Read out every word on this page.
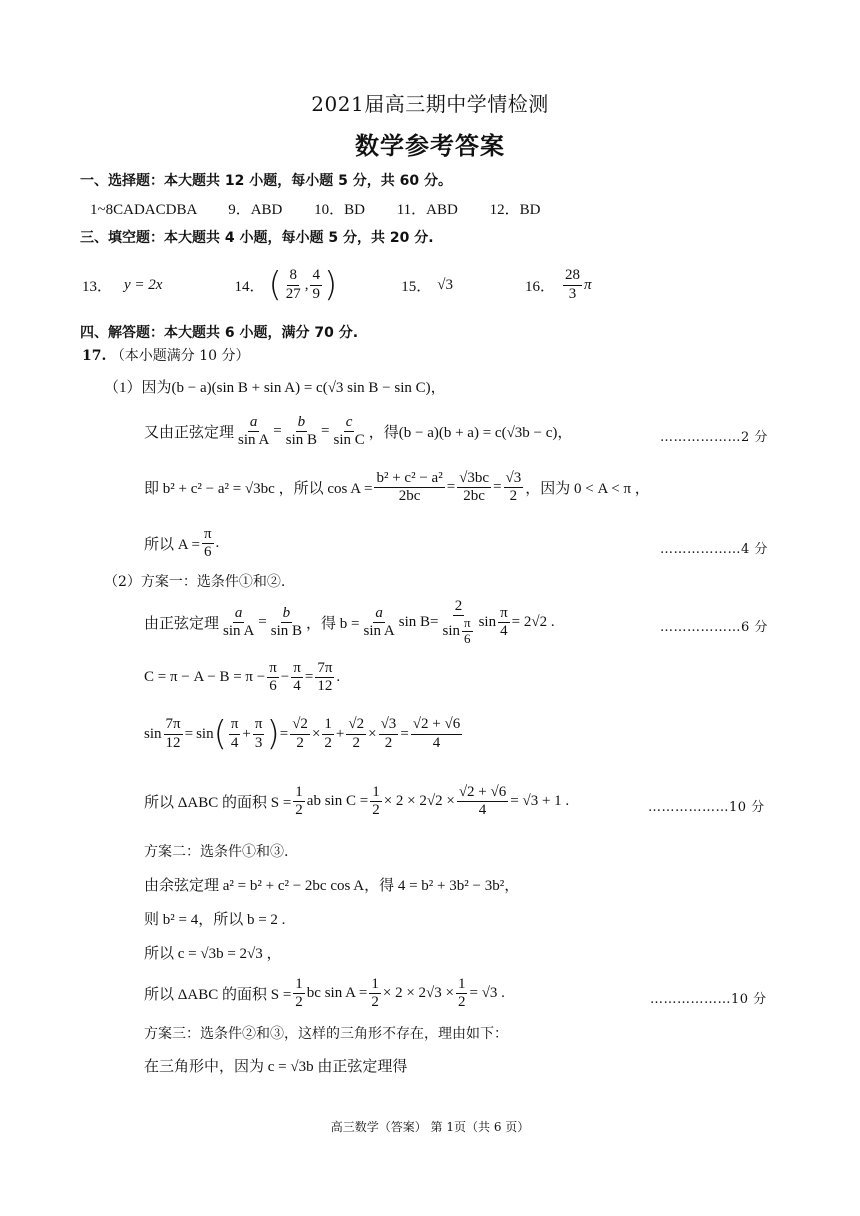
2021届高三期中学情检测
数学参考答案
一、选择题：本大题共 12 小题，每小题 5 分，共 60 分。
1~8CADACDBA 9．ABD 10．BD 11．ABD 12．BD
三、填空题：本大题共 4 小题，每小题 5 分，共 20 分.
13． y = 2x	14． ( $\frac{8}{27}$ , $\frac{4}{9}$ )	15． √3	16． $\frac{28}{3}$ π
四、解答题：本大题共 6 小题，满分 70 分.
17. （本小题满分 10 分）
（1）因为(b − a)(sin B + sin A) = c(√3 sin B − sin C)，
又由正弦定理 $\frac{a}{\text{sin A}} = \frac{b}{\text{sin B}} = \frac{c}{\text{sin C}}$ ，得(b − a)(b + a) = c(√3b − c)，	………………2 分
即 b² + c² − a² = √3bc ，所以 $\cos A = \frac{\text{b² + c² − a²}}{2bc} = \frac{√3bc}{2bc} = \frac{√3}{2}$ ，因为 0 < A < π ，
所以 $A = \frac{\pi}{6}$ .	………………4 分
（2）方案一：选条件①和②.
由正弦定理 $\frac{a}{\text{sin A}} = \frac{b}{\text{sin B}}$ ，得 $b = \frac{a}{\text{sin A}}$ $\sin B = \frac{2}{\sin \frac{\pi}{6}}$ $\sin \frac{\pi}{4} = 2√2$ .	………………6 分
$C = \pi - A - B = \pi - \frac{\pi}{6} - \frac{\pi}{4} = \frac{7\pi}{12}$ .
$\sin \frac{7\pi}{12} = \sin$ ( $\frac{\pi}{4} + \frac{\pi}{3}$ ) = $\frac{√2}{2} \times \frac{1}{2} + \frac{√2}{2} \times \frac{√3}{2} = \frac{√2 + √6}{4}$
所以 ΔABC 的面积 $S = \frac{1}{2}$ ab $\sin C = \frac{1}{2} \times 2 \times 2√2 \times \frac{√2 + √6}{4} = √3 + 1$ .	………………10 分
方案二：选条件①和③.
由余弦定理 a² = b² + c² − 2bc cos A，得 4 = b² + 3b² − 3b²，
则 b² = 4，所以 b = 2 .
所以 c = √3b = 2√3 ，
所以 ΔABC 的面积 $S = \frac{1}{2}$ bc $\sin A = \frac{1}{2} \times 2 \times 2√3 \times \frac{1}{2} = √3$ .	………………10 分
方案三：选条件②和③，这样的三角形不存在，理由如下：
在三角形中，因为 c = √3b 由正弦定理得
高三数学（答案） 第 1页（共 6 页）
